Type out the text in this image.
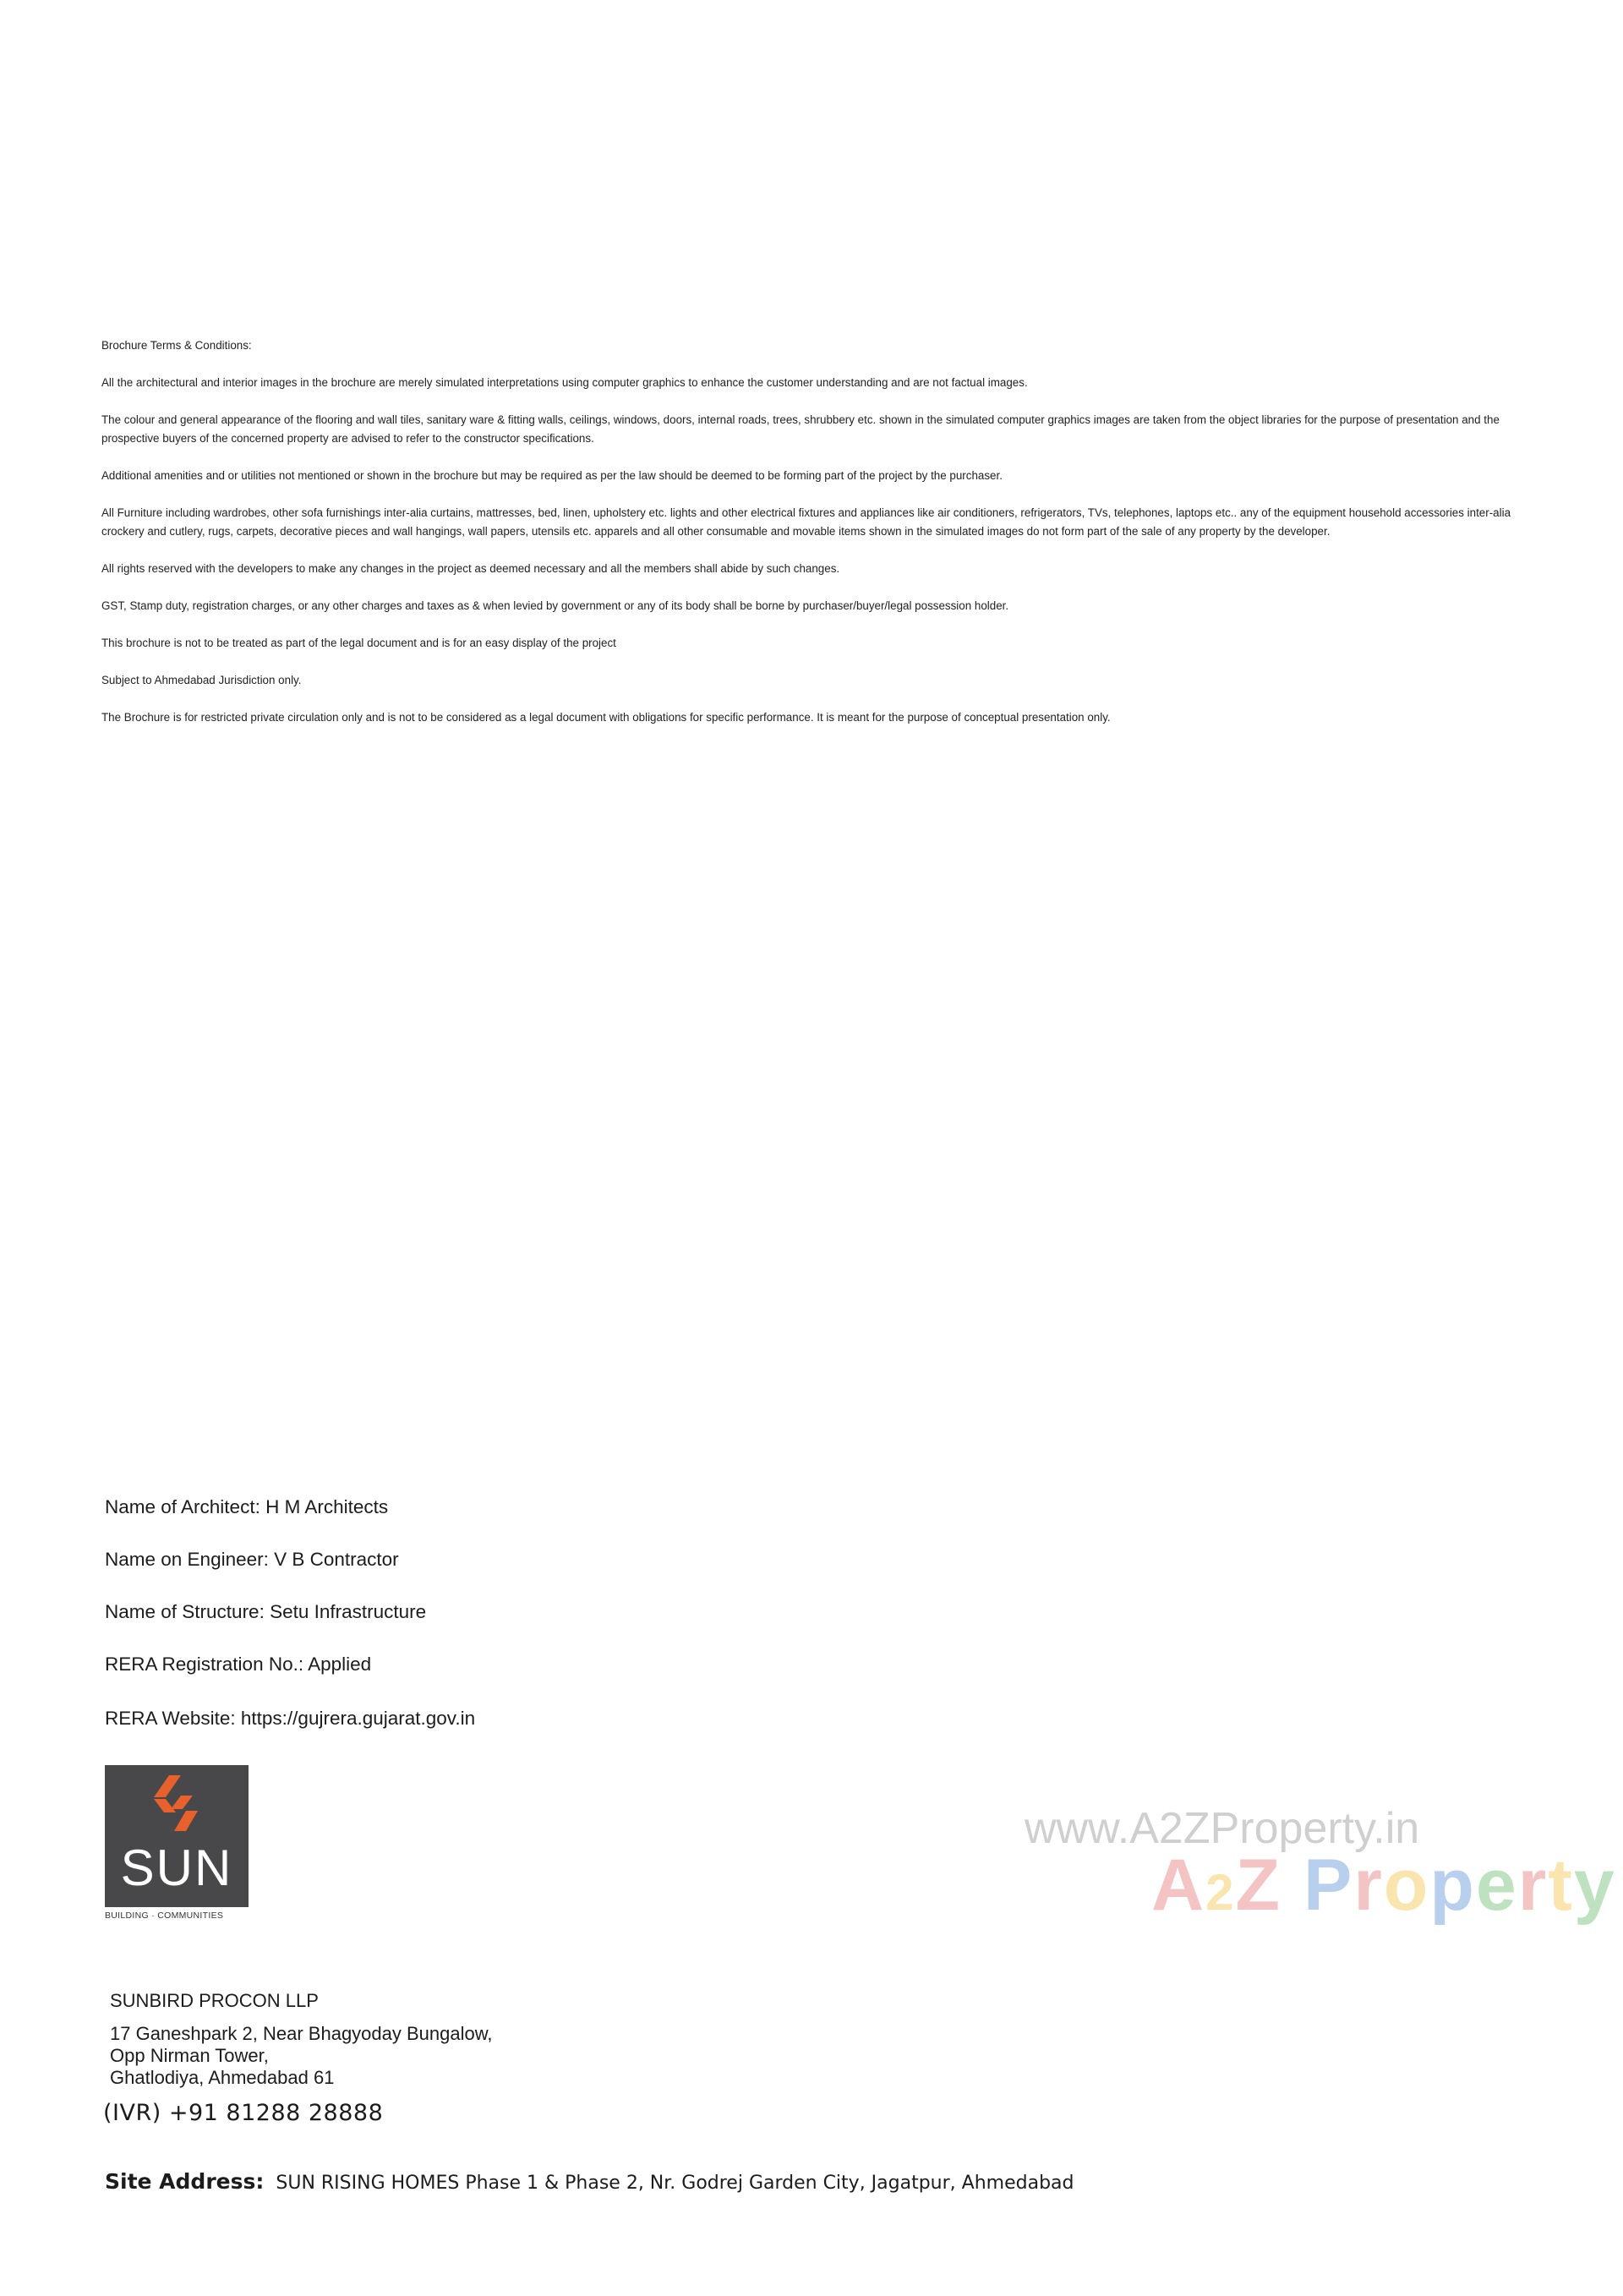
Brochure Terms & Conditions:

All the architectural and interior images in the brochure are merely simulated interpretations using computer graphics to enhance the customer understanding and are not factual images.

The colour and general appearance of the flooring and wall tiles, sanitary ware & fitting walls, ceilings, windows, doors, internal roads, trees, shrubbery etc. shown in the simulated computer graphics images are taken from the object libraries for the purpose of presentation and the prospective buyers of the concerned property are advised to refer to the constructor specifications.

Additional amenities and or utilities not mentioned or shown in the brochure but may be required as per the law should be deemed to be forming part of the project by the purchaser.

All Furniture including wardrobes, other sofa furnishings inter-alia curtains, mattresses, bed, linen, upholstery etc. lights and other electrical fixtures and appliances like air conditioners, refrigerators, TVs, telephones, laptops etc.. any of the equipment household accessories inter-alia crockery and cutlery, rugs, carpets, decorative pieces and wall hangings, wall papers, utensils etc. apparels and all other consumable and movable items shown in the simulated images do not form part of the sale of any property by the developer.

All rights reserved with the developers to make any changes in the project as deemed necessary and all the members shall abide by such changes.

GST, Stamp duty, registration charges, or any other charges and taxes as & when levied by government or any of its body shall be borne by purchaser/buyer/legal possession holder.

This brochure is not to be treated as part of the legal document and is for an easy display of the project

Subject to Ahmedabad Jurisdiction only.

The Brochure is for restricted private circulation only and is not to be considered as a legal document with obligations for specific performance. It is meant for the purpose of conceptual presentation only.

Name of Architect: H M Architects
Name on Engineer: V B Contractor
Name of Structure: Setu Infrastructure
RERA Registration No.: Applied
RERA Website: https://gujrera.gujarat.gov.in
SUN
BUILDING · COMMUNITIES
www.A2ZProperty.in
A2Z Property
SUNBIRD PROCON LLP
17 Ganeshpark 2, Near Bhagyoday Bungalow,
Opp Nirman Tower,
Ghatlodiya, Ahmedabad 61
(IVR) +91 81288 28888
Site Address: SUN RISING HOMES Phase 1 & Phase 2, Nr. Godrej Garden City, Jagatpur, Ahmedabad
